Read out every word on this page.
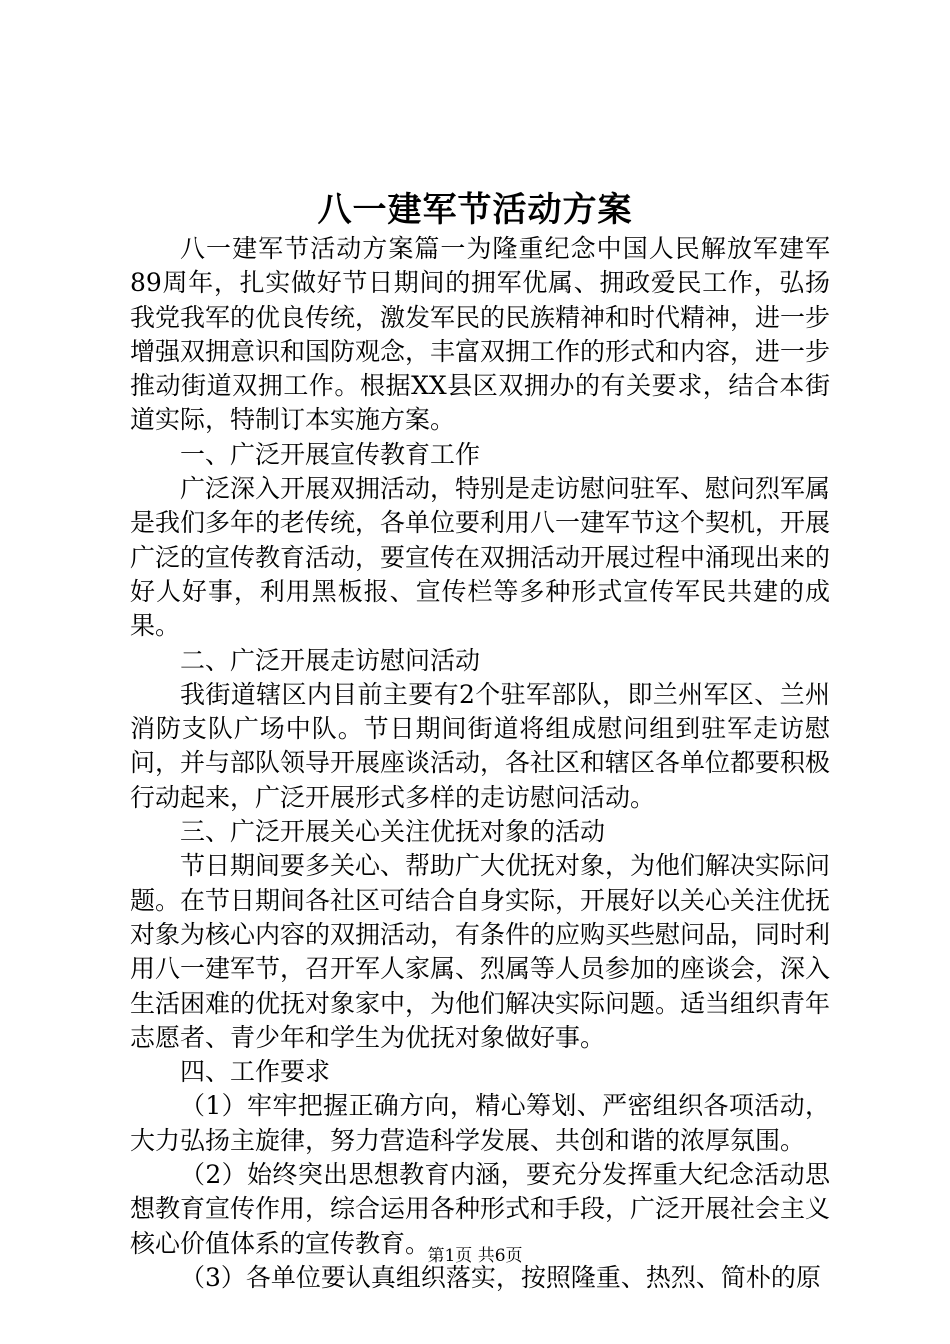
八一建军节活动方案

八一建军节活动方案篇一为隆重纪念中国人民解放军建军89周年，扎实做好节日期间的拥军优属、拥政爱民工作，弘扬我党我军的优良传统，激发军民的民族精神和时代精神，进一步增强双拥意识和国防观念，丰富双拥工作的形式和内容，进一步推动街道双拥工作。根据XX县区双拥办的有关要求，结合本街道实际，特制订本实施方案。

一、广泛开展宣传教育工作

广泛深入开展双拥活动，特别是走访慰问驻军、慰问烈军属是我们多年的老传统，各单位要利用八一建军节这个契机，开展广泛的宣传教育活动，要宣传在双拥活动开展过程中涌现出来的好人好事，利用黑板报、宣传栏等多种形式宣传军民共建的成果。

二、广泛开展走访慰问活动

我街道辖区内目前主要有2个驻军部队，即兰州军区、兰州消防支队广场中队。节日期间街道将组成慰问组到驻军走访慰问，并与部队领导开展座谈活动，各社区和辖区各单位都要积极行动起来，广泛开展形式多样的走访慰问活动。

三、广泛开展关心关注优抚对象的活动

节日期间要多关心、帮助广大优抚对象，为他们解决实际问题。在节日期间各社区可结合自身实际，开展好以关心关注优抚对象为核心内容的双拥活动，有条件的应购买些慰问品，同时利用八一建军节，召开军人家属、烈属等人员参加的座谈会，深入生活困难的优抚对象家中，为他们解决实际问题。适当组织青年志愿者、青少年和学生为优抚对象做好事。

四、工作要求

（1）牢牢把握正确方向，精心筹划、严密组织各项活动，大力弘扬主旋律，努力营造科学发展、共创和谐的浓厚氛围。

（2）始终突出思想教育内涵，要充分发挥重大纪念活动思想教育宣传作用，综合运用各种形式和手段，广泛开展社会主义核心价值体系的宣传教育。

（3）各单位要认真组织落实，按照隆重、热烈、简朴的原

第1页 共6页
